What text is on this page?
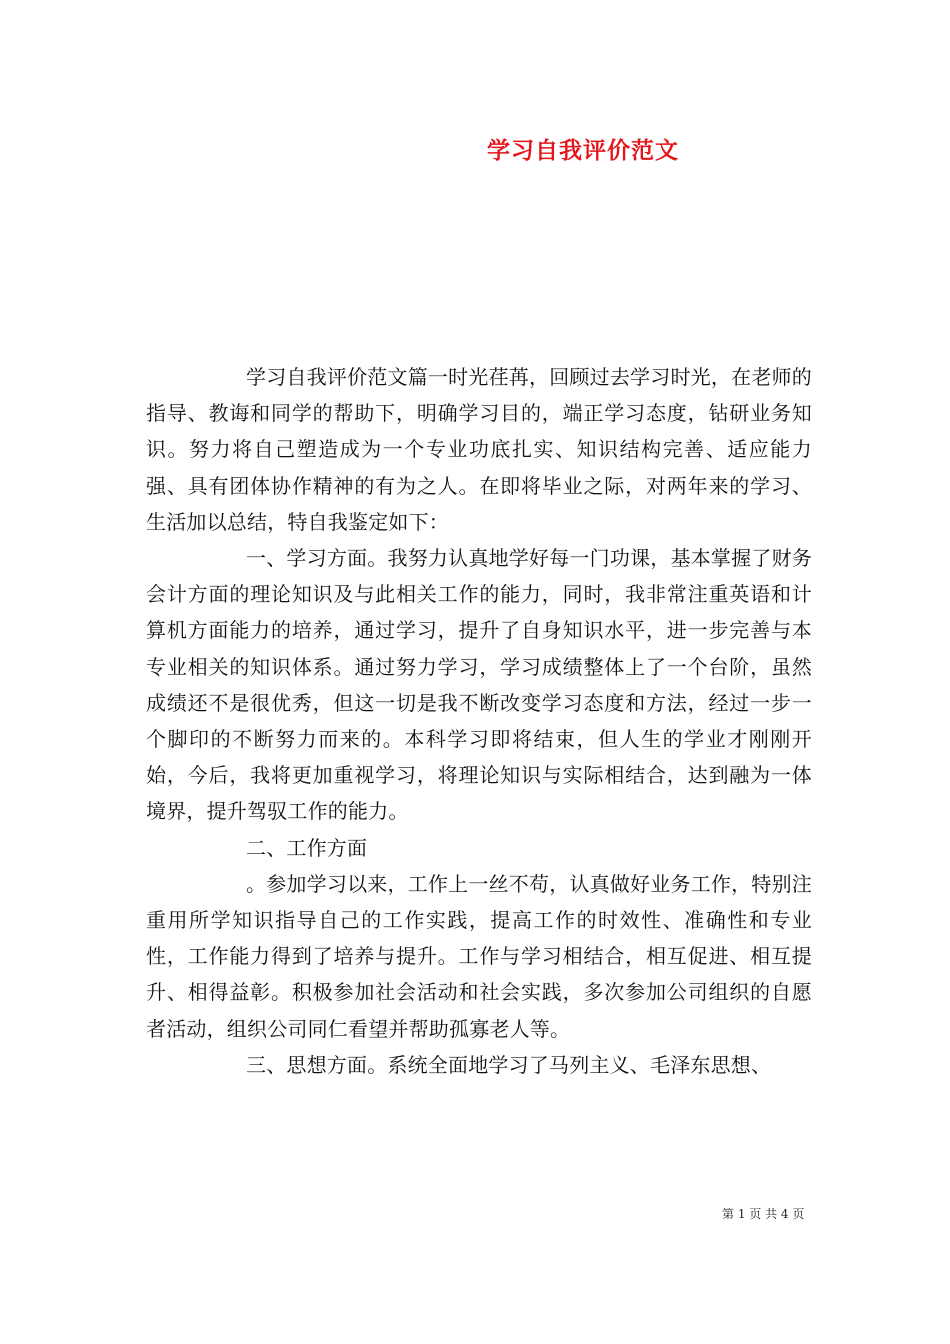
学习自我评价范文

学习自我评价范文篇一时光荏苒，回顾过去学习时光，在老师的指导、教诲和同学的帮助下，明确学习目的，端正学习态度，钻研业务知识。努力将自己塑造成为一个专业功底扎实、知识结构完善、适应能力强、具有团体协作精神的有为之人。在即将毕业之际，对两年来的学习、生活加以总结，特自我鉴定如下：

一、学习方面。我努力认真地学好每一门功课，基本掌握了财务会计方面的理论知识及与此相关工作的能力，同时，我非常注重英语和计算机方面能力的培养，通过学习，提升了自身知识水平，进一步完善与本专业相关的知识体系。通过努力学习，学习成绩整体上了一个台阶，虽然成绩还不是很优秀，但这一切是我不断改变学习态度和方法，经过一步一个脚印的不断努力而来的。本科学习即将结束，但人生的学业才刚刚开始，今后，我将更加重视学习，将理论知识与实际相结合，达到融为一体境界，提升驾驭工作的能力。

二、工作方面

。参加学习以来，工作上一丝不苟，认真做好业务工作，特别注重用所学知识指导自己的工作实践，提高工作的时效性、准确性和专业性，工作能力得到了培养与提升。工作与学习相结合，相互促进、相互提升、相得益彰。积极参加社会活动和社会实践，多次参加公司组织的自愿者活动，组织公司同仁看望并帮助孤寡老人等。

三、思想方面。系统全面地学习了马列主义、毛泽东思想、

第 1 页 共 4 页
